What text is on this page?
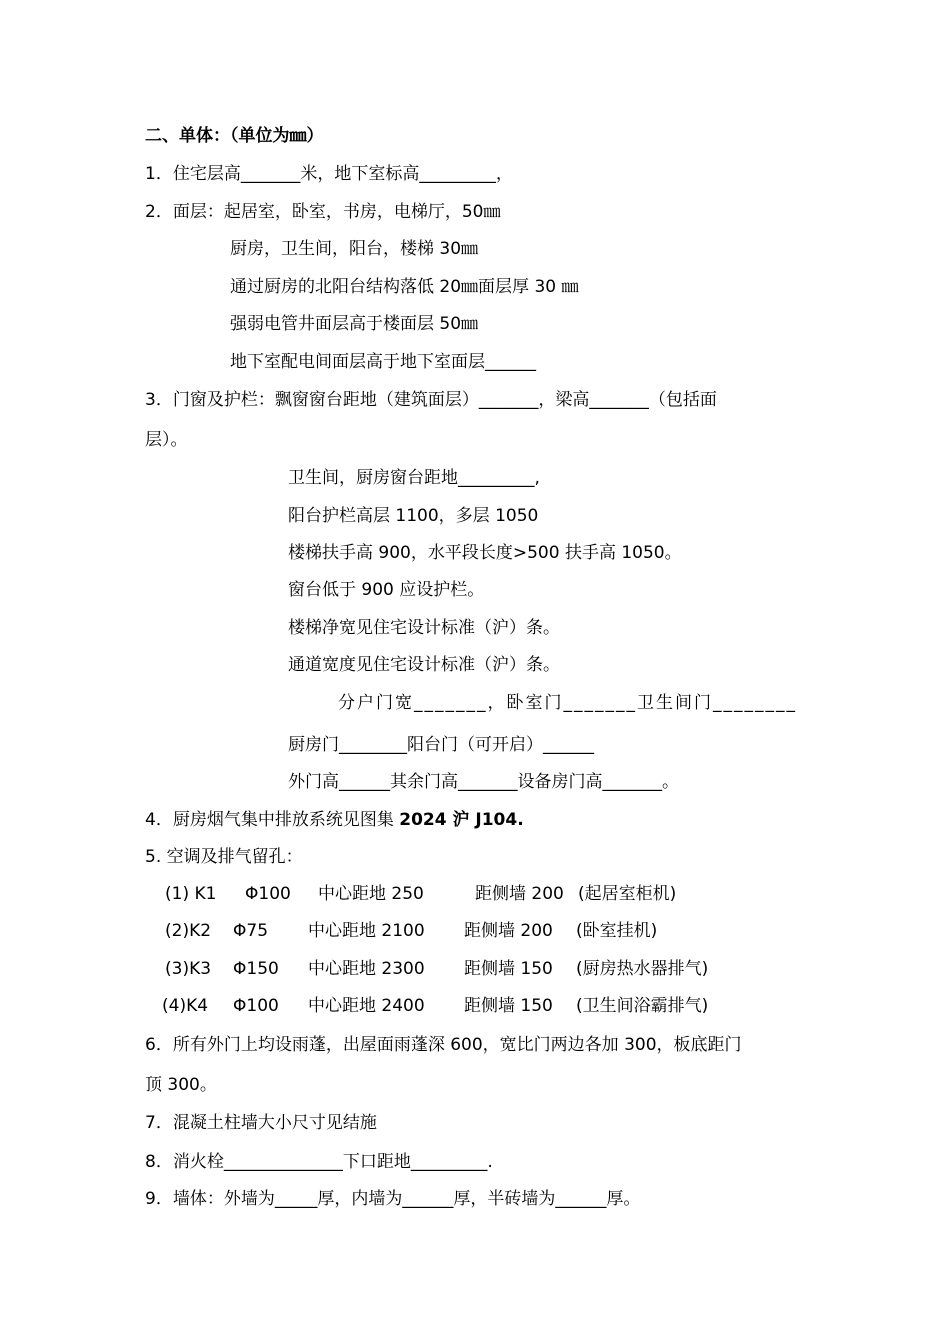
二、单体：（单位为㎜）
1．住宅层高_______米，地下室标高_________，
2．面层：起居室，卧室，书房，电梯厅，50㎜
厨房，卫生间，阳台，楼梯 30㎜
通过厨房的北阳台结构落低 20㎜面层厚 30 ㎜
强弱电管井面层高于楼面层 50㎜
地下室配电间面层高于地下室面层______
3．门窗及护栏：飘窗窗台距地（建筑面层）_______，梁高_______（包括面
层）。
卫生间，厨房窗台距地_________,
阳台护栏高层 1100，多层 1050
楼梯扶手高 900，水平段长度>500 扶手高 1050。
窗台低于 900 应设护栏。
楼梯净宽见住宅设计标准（沪）条。
通道宽度见住宅设计标准（沪）条。
分户门宽_______，卧室门_______卫生间门________
厨房门________阳台门（可开启）______
外门高______其余门高_______设备房门高_______。
4．厨房烟气集中排放系统见图集 2024 沪 J104.
5. 空调及排气留孔：

(1) K1

Φ100

中心距地 250

	距侧墙 200

(起居室柜机)

(2)K2

Φ75

中心距地 2100

距侧墙 200

(卧室挂机)

(3)K3

Φ150

中心距地 2300

距侧墙 150

(厨房热水器排气)

(4)K4

Φ100

中心距地 2400

距侧墙 150

(卫生间浴霸排气)

6．所有外门上均设雨蓬，出屋面雨蓬深 600，宽比门两边各加 300，板底距门
顶 300。
7．混凝土柱墙大小尺寸见结施
8．消火栓______________下口距地_________.
9．墙体：外墙为_____厚，内墙为______厚，半砖墙为______厚。
